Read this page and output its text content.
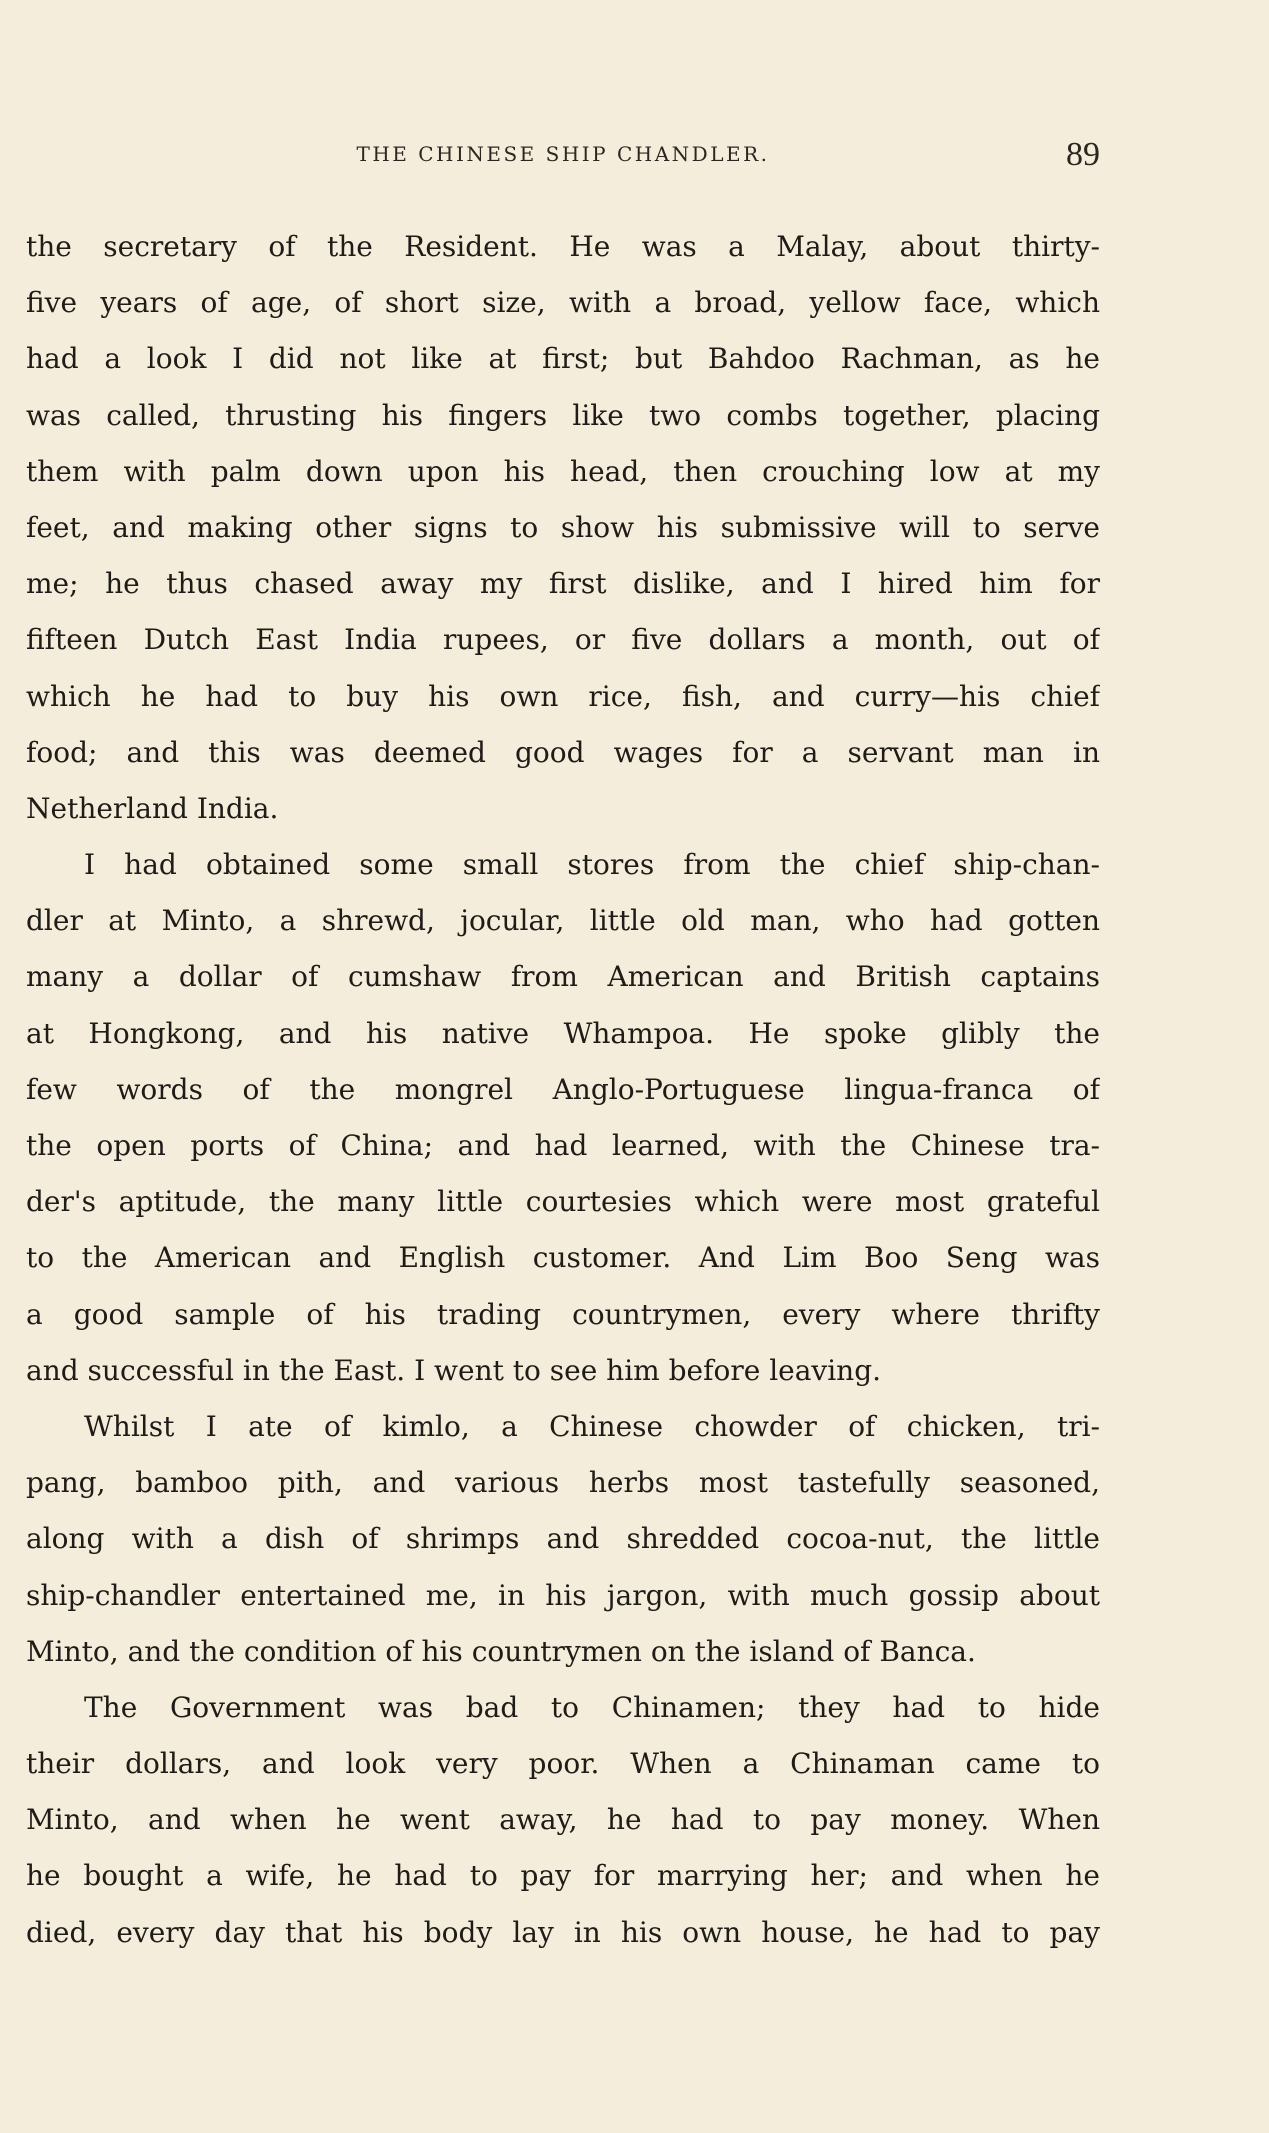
THE CHINESE SHIP CHANDLER.	89
the secretary of the Resident. He was a Malay, about thirty-
five years of age, of short size, with a broad, yellow face, which
had a look I did not like at first; but Bahdoo Rachman, as he
was called, thrusting his fingers like two combs together, placing
them with palm down upon his head, then crouching low at my
feet, and making other signs to show his submissive will to serve
me; he thus chased away my first dislike, and I hired him for
fifteen Dutch East India rupees, or five dollars a month, out of
which he had to buy his own rice, fish, and curry—his chief
food; and this was deemed good wages for a servant man in
Netherland India.
I had obtained some small stores from the chief ship-chan-
dler at Minto, a shrewd, jocular, little old man, who had gotten
many a dollar of cumshaw from American and British captains
at Hongkong, and his native Whampoa. He spoke glibly the
few words of the mongrel Anglo-Portuguese lingua-franca of
the open ports of China; and had learned, with the Chinese tra-
der's aptitude, the many little courtesies which were most grateful
to the American and English customer. And Lim Boo Seng was
a good sample of his trading countrymen, every where thrifty
and successful in the East. I went to see him before leaving.
Whilst I ate of kimlo, a Chinese chowder of chicken, tri-
pang, bamboo pith, and various herbs most tastefully seasoned,
along with a dish of shrimps and shredded cocoa-nut, the little
ship-chandler entertained me, in his jargon, with much gossip about
Minto, and the condition of his countrymen on the island of Banca.
The Government was bad to Chinamen; they had to hide
their dollars, and look very poor. When a Chinaman came to
Minto, and when he went away, he had to pay money. When
he bought a wife, he had to pay for marrying her; and when he
died, every day that his body lay in his own house, he had to pay
